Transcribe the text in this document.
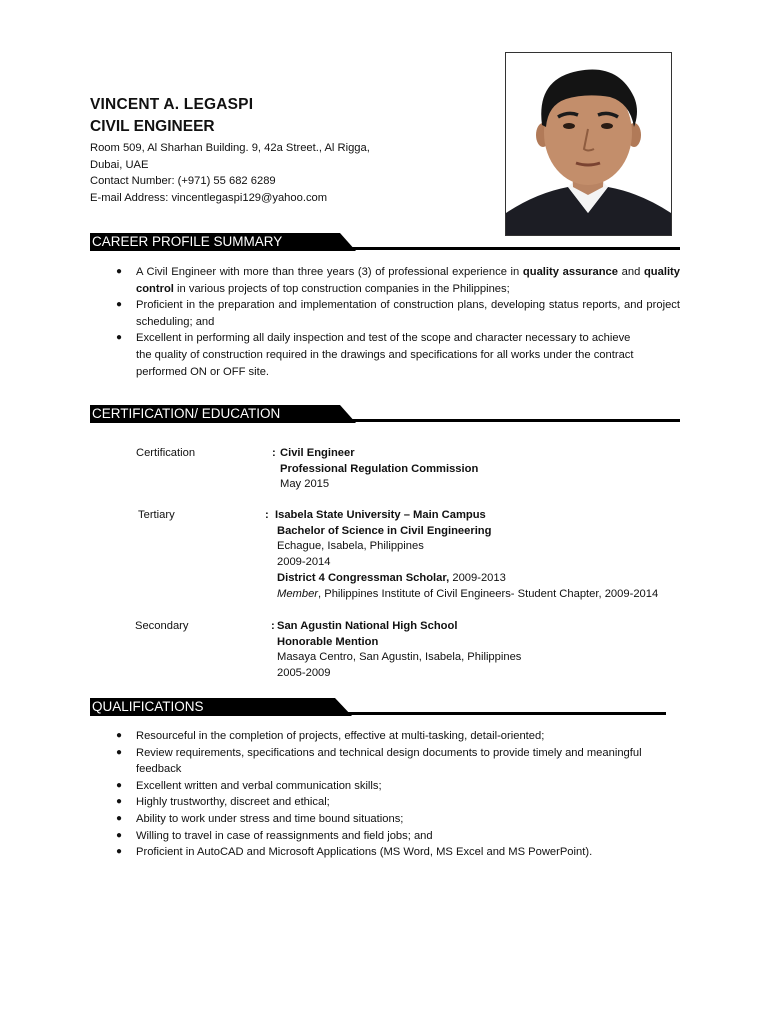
VINCENT A. LEGASPI
CIVIL ENGINEER
Room 509, Al Sharhan Building. 9, 42a Street., Al Rigga,
Dubai, UAE
Contact Number: (+971) 55 682 6289
E-mail Address: vincentlegaspi129@yahoo.com
CAREER PROFILE SUMMARY
● A Civil Engineer with more than three years (3) of professional experience in quality assurance and quality control in various projects of top construction companies in the Philippines;
● Proficient in the preparation and implementation of construction plans, developing status reports, and project scheduling; and
● Excellent in performing all daily inspection and test of the scope and character necessary to achieve the quality of construction required in the drawings and specifications for all works under the contract performed ON or OFF site.
CERTIFICATION/ EDUCATION
Certification	: Civil Engineer
Professional Regulation Commission
May 2015
Tertiary	: Isabela State University – Main Campus
Bachelor of Science in Civil Engineering
Echague, Isabela, Philippines
2009-2014
District 4 Congressman Scholar, 2009-2013
Member, Philippines Institute of Civil Engineers- Student Chapter, 2009-2014
Secondary	: San Agustin National High School
Honorable Mention
Masaya Centro, San Agustin, Isabela, Philippines
2005-2009
QUALIFICATIONS
● Resourceful in the completion of projects, effective at multi-tasking, detail-oriented;
● Review requirements, specifications and technical design documents to provide timely and meaningful feedback
● Excellent written and verbal communication skills;
● Highly trustworthy, discreet and ethical;
● Ability to work under stress and time bound situations;
● Willing to travel in case of reassignments and field jobs; and
● Proficient in AutoCAD and Microsoft Applications (MS Word, MS Excel and MS PowerPoint).
